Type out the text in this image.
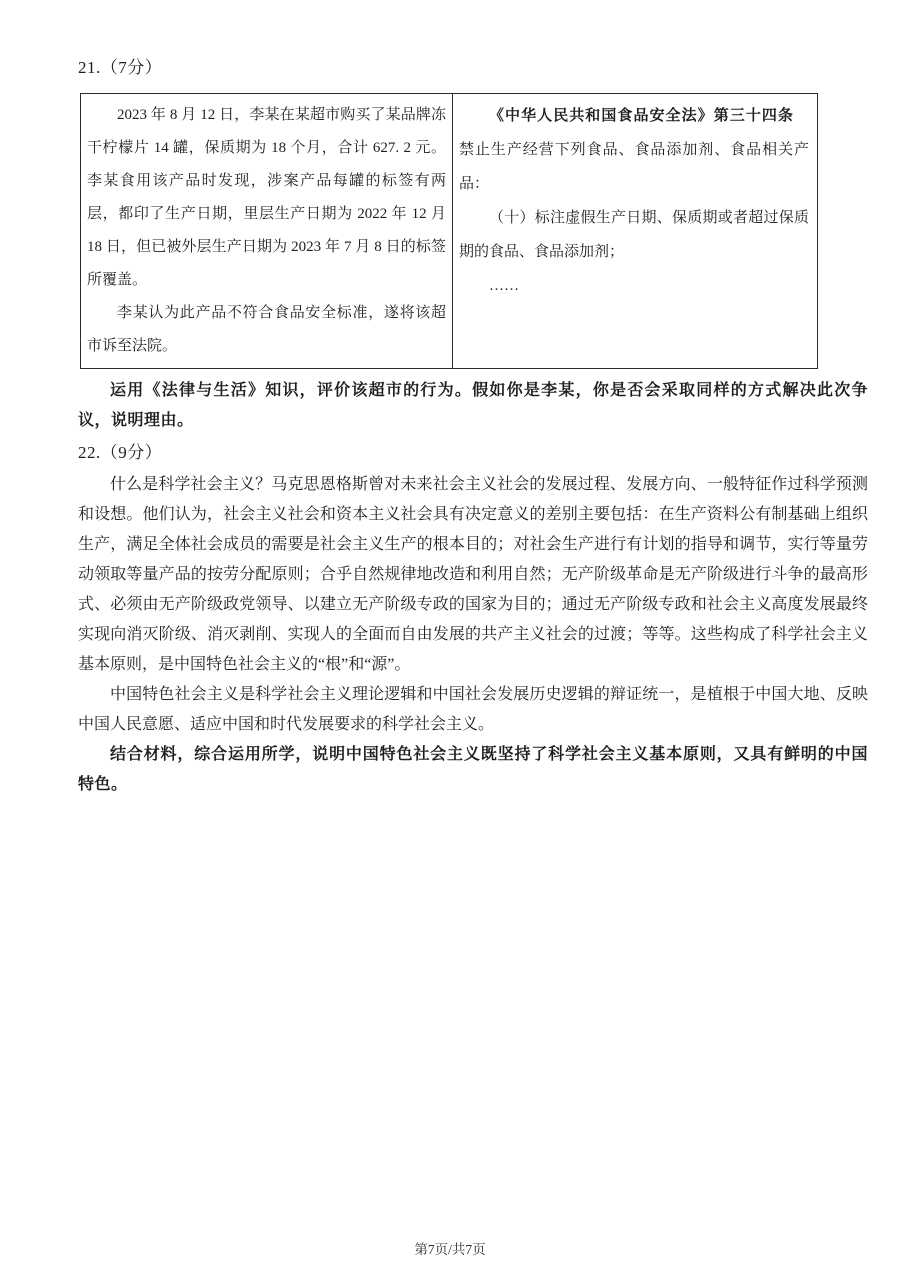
21.（7分）

2023 年 8 月 12 日，李某在某超市购买了某品牌冻干柠檬片 14 罐，保质期为 18 个月，合计 627. 2 元。李某食用该产品时发现，涉案产品每罐的标签有两层，都印了生产日期，里层生产日期为 2022 年 12 月 18 日，但已被外层生产日期为 2023 年 7 月 8 日的标签所覆盖。

李某认为此产品不符合食品安全标准，遂将该超市诉至法院。

《中华人民共和国食品安全法》第三十四条　禁止生产经营下列食品、食品添加剂、食品相关产品：

（十）标注虚假生产日期、保质期或者超过保质期的食品、食品添加剂；

……

运用《法律与生活》知识，评价该超市的行为。假如你是李某，你是否会采取同样的方式解决此次争议，说明理由。

22.（9分）

什么是科学社会主义？马克思恩格斯曾对未来社会主义社会的发展过程、发展方向、一般特征作过科学预测和设想。他们认为，社会主义社会和资本主义社会具有决定意义的差别主要包括：在生产资料公有制基础上组织生产，满足全体社会成员的需要是社会主义生产的根本目的；对社会生产进行有计划的指导和调节，实行等量劳动领取等量产品的按劳分配原则；合乎自然规律地改造和利用自然；无产阶级革命是无产阶级进行斗争的最高形式、必须由无产阶级政党领导、以建立无产阶级专政的国家为目的；通过无产阶级专政和社会主义高度发展最终实现向消灭阶级、消灭剥削、实现人的全面而自由发展的共产主义社会的过渡；等等。这些构成了科学社会主义基本原则，是中国特色社会主义的“根”和“源”。

中国特色社会主义是科学社会主义理论逻辑和中国社会发展历史逻辑的辩证统一，是植根于中国大地、反映中国人民意愿、适应中国和时代发展要求的科学社会主义。

结合材料，综合运用所学，说明中国特色社会主义既坚持了科学社会主义基本原则，又具有鲜明的中国特色。

第7页/共7页
